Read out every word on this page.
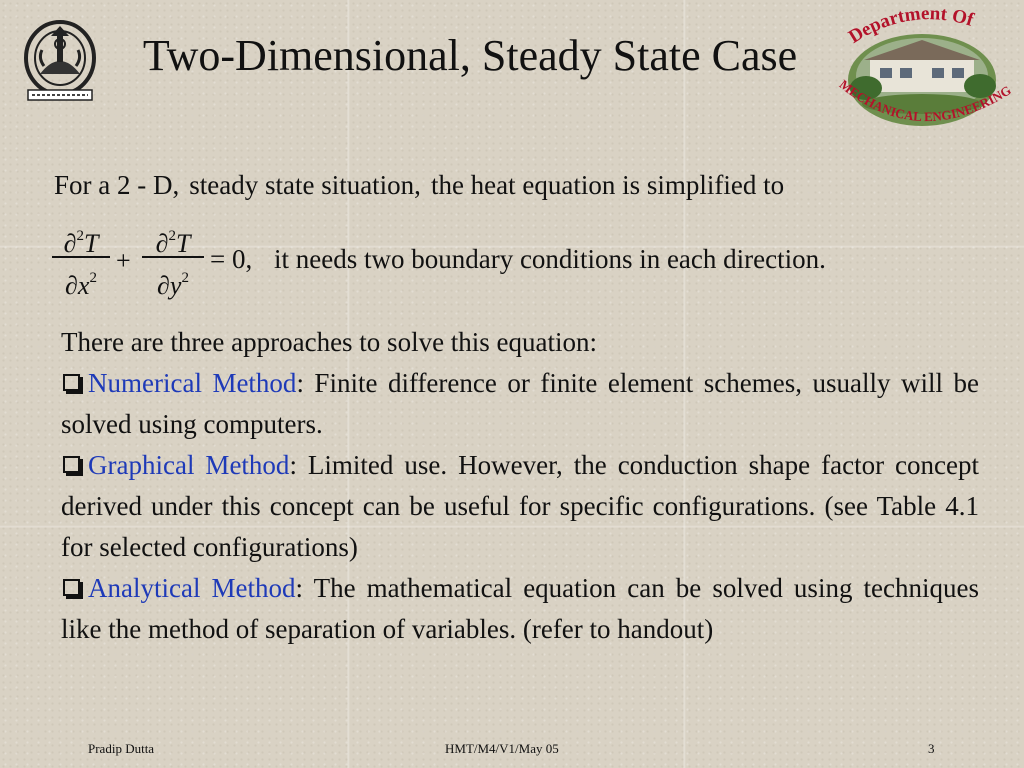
Two-Dimensional, Steady State Case	Department Of
MECHANICAL ENGINEERING
For a 2 - D, steady state situation, the heat equation is simplified to
∂$^2$T
$\partial x^2$
+
∂$^2$T
$\partial y^2$
= 0, it needs two boundary conditions in each direction.
There are three approaches to solve this equation:
Numerical Method: Finite difference or finite element schemes, usually will be solved using computers.
Graphical Method: Limited use. However, the conduction shape factor concept derived under this concept can be useful for specific configurations. (see Table 4.1 for selected configurations)
Analytical Method: The mathematical equation can be solved using techniques like the method of separation of variables. (refer to handout)
Pradip Dutta	HMT/M4/V1/May 05	3
